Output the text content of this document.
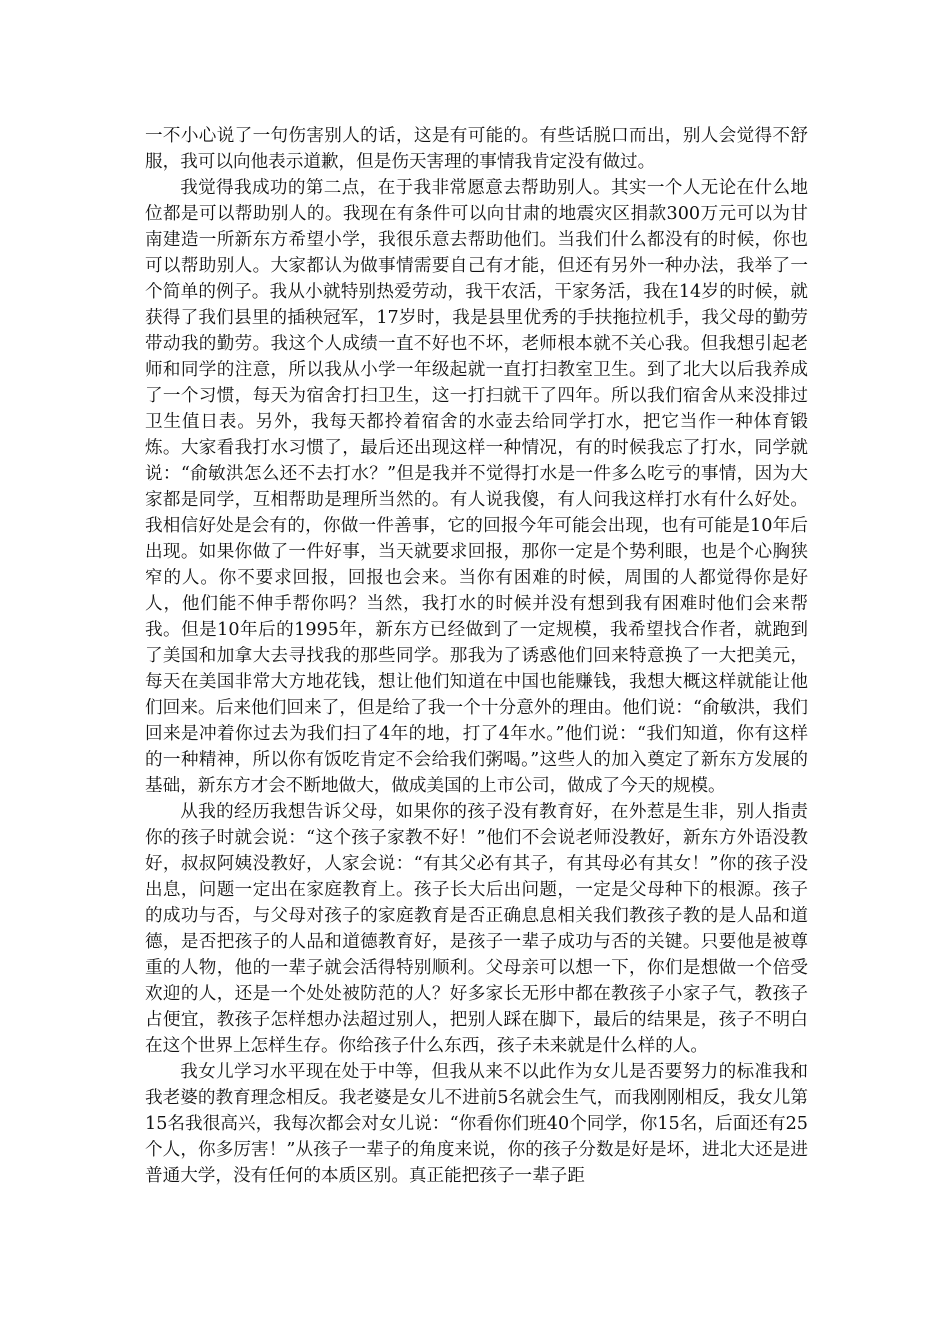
一不小心说了一句伤害别人的话，这是有可能的。有些话脱口而出，别人会觉得不舒服，我可以向他表示道歉，但是伤天害理的事情我肯定没有做过。

我觉得我成功的第二点，在于我非常愿意去帮助别人。其实一个人无论在什么地位都是可以帮助别人的。我现在有条件可以向甘肃的地震灾区捐款300万元可以为甘南建造一所新东方希望小学，我很乐意去帮助他们。当我们什么都没有的时候，你也可以帮助别人。大家都认为做事情需要自己有才能，但还有另外一种办法，我举了一个简单的例子。我从小就特别热爱劳动，我干农活，干家务活，我在14岁的时候，就获得了我们县里的插秧冠军，17岁时，我是县里优秀的手扶拖拉机手，我父母的勤劳带动我的勤劳。我这个人成绩一直不好也不坏，老师根本就不关心我。但我想引起老师和同学的注意，所以我从小学一年级起就一直打扫教室卫生。到了北大以后我养成了一个习惯，每天为宿舍打扫卫生，这一打扫就干了四年。所以我们宿舍从来没排过卫生值日表。另外，我每天都拎着宿舍的水壶去给同学打水，把它当作一种体育锻炼。大家看我打水习惯了，最后还出现这样一种情况，有的时候我忘了打水，同学就说：“俞敏洪怎么还不去打水？”但是我并不觉得打水是一件多么吃亏的事情，因为大家都是同学，互相帮助是理所当然的。有人说我傻，有人问我这样打水有什么好处。我相信好处是会有的，你做一件善事，它的回报今年可能会出现，也有可能是10年后出现。如果你做了一件好事，当天就要求回报，那你一定是个势利眼，也是个心胸狭窄的人。你不要求回报，回报也会来。当你有困难的时候，周围的人都觉得你是好人，他们能不伸手帮你吗？当然，我打水的时候并没有想到我有困难时他们会来帮我。但是10年后的1995年，新东方已经做到了一定规模，我希望找合作者，就跑到了美国和加拿大去寻找我的那些同学。那我为了诱惑他们回来特意换了一大把美元，每天在美国非常大方地花钱，想让他们知道在中国也能赚钱，我想大概这样就能让他们回来。后来他们回来了，但是给了我一个十分意外的理由。他们说：“俞敏洪，我们回来是冲着你过去为我们扫了4年的地，打了4年水。”他们说：“我们知道，你有这样的一种精神，所以你有饭吃肯定不会给我们粥喝。”这些人的加入奠定了新东方发展的基础，新东方才会不断地做大，做成美国的上市公司，做成了今天的规模。

从我的经历我想告诉父母，如果你的孩子没有教育好，在外惹是生非，别人指责你的孩子时就会说：“这个孩子家教不好！”他们不会说老师没教好，新东方外语没教好，叔叔阿姨没教好，人家会说：“有其父必有其子，有其母必有其女！”你的孩子没出息，问题一定出在家庭教育上。孩子长大后出问题，一定是父母种下的根源。孩子的成功与否，与父母对孩子的家庭教育是否正确息息相关我们教孩子教的是人品和道德，是否把孩子的人品和道德教育好，是孩子一辈子成功与否的关键。只要他是被尊重的人物，他的一辈子就会活得特别顺利。父母亲可以想一下，你们是想做一个倍受欢迎的人，还是一个处处被防范的人？好多家长无形中都在教孩子小家子气，教孩子占便宜，教孩子怎样想办法超过别人，把别人踩在脚下，最后的结果是，孩子不明白在这个世界上怎样生存。你给孩子什么东西，孩子未来就是什么样的人。

我女儿学习水平现在处于中等，但我从来不以此作为女儿是否要努力的标准我和我老婆的教育理念相反。我老婆是女儿不进前5名就会生气，而我刚刚相反，我女儿第15名我很高兴，我每次都会对女儿说：“你看你们班40个同学，你15名，后面还有25个人，你多厉害！”从孩子一辈子的角度来说，你的孩子分数是好是坏，进北大还是进普通大学，没有任何的本质区别。真正能把孩子一辈子距
